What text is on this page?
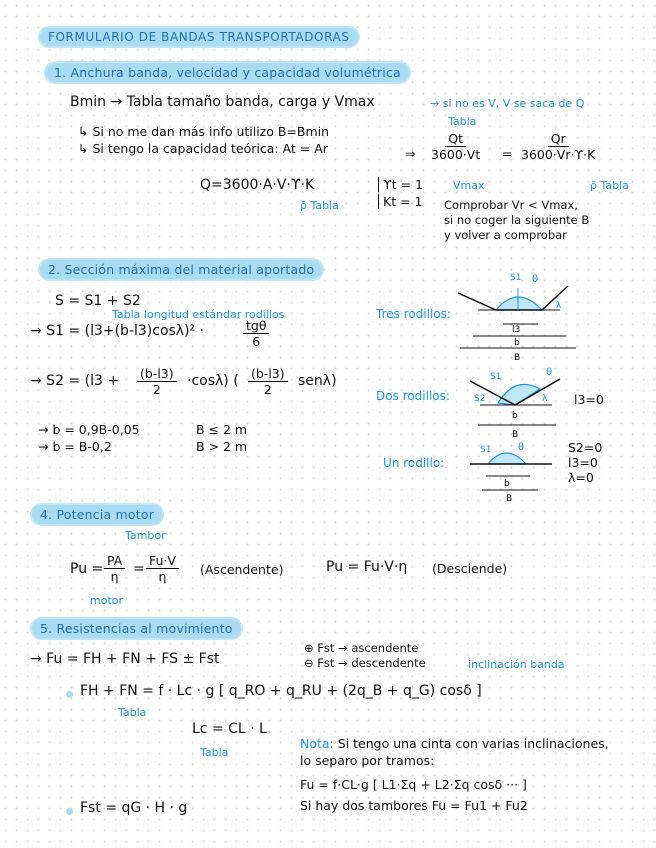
FORMULARIO DE BANDAS TRANSPORTADORAS
1. Anchura banda, velocidad y capacidad volumétrica
Bmin → Tabla tamaño banda, carga y Vmax	→ si no es V, V se saca de Q
↳ Si no me dan más info utilizo B=Bmin
↳ Si tengo la capacidad teórica: At = Ar	⇒
Tabla
$\frac{Qt}{3600\cdot Vt} = \frac{Qr}{3600\cdot Vr\cdot ϒ\cdot K}$
Vmax	ρ̄ Tabla
Q=3600·A·V·ϒ·K
ρ̄ Tabla
ϒt = 1
Kt = 1 Comprobar Vr < Vmax,
si no coger la siguiente B
y volver a comprobar
2. Sección máxima del material aportado
S = S1 + S2
Tabla longitud estándar rodillos
→ S1 = (l3+(b-l3)cosλ)² ·	tgθ
6
→ $S2 = (l3 + \frac{(b-l3)}{2} \cdot\cos\lambda)$ ( $\frac{(b-l3)}{2} sen\lambda$)
→ b = 0,9B-0,05	B ≤ 2 m
→ b = B-0,2	B > 2 m
Tres rodillos:
Dos rodillos:
Un rodillo:
l3=0
S2=0
l3=0
λ=0
S1 θ
λ
l3
b
B
S1
S2
θ
λ
b
B
S1	θ
b
B
4. Potencia motor
Tambor
$Pu = \frac{PA}{\eta} = \frac{Fu\cdot V}{\eta}$ (Ascendente)	Pu = Fu·V·η (Desciende)
motor
5. Resistencias al movimiento
→ Fu = FH + FN + FS ± Fst
⊕ Fst → ascendente
⊖ Fst → descendente	inclinación banda
FH + FN = f · Lc · g [ q_RO + q_RU + (2q_B + q_G) cosδ ]
Tabla
Lc = CL · L
Tabla
Nota: Si tengo una cinta con varias inclinaciones,
lo separo por tramos:
Fu = f·CL·g [ L1·Σq + L2·Σq cosδ ··· ]
Si hay dos tambores Fu = Fu1 + Fu2
Fst = qG · H · g
